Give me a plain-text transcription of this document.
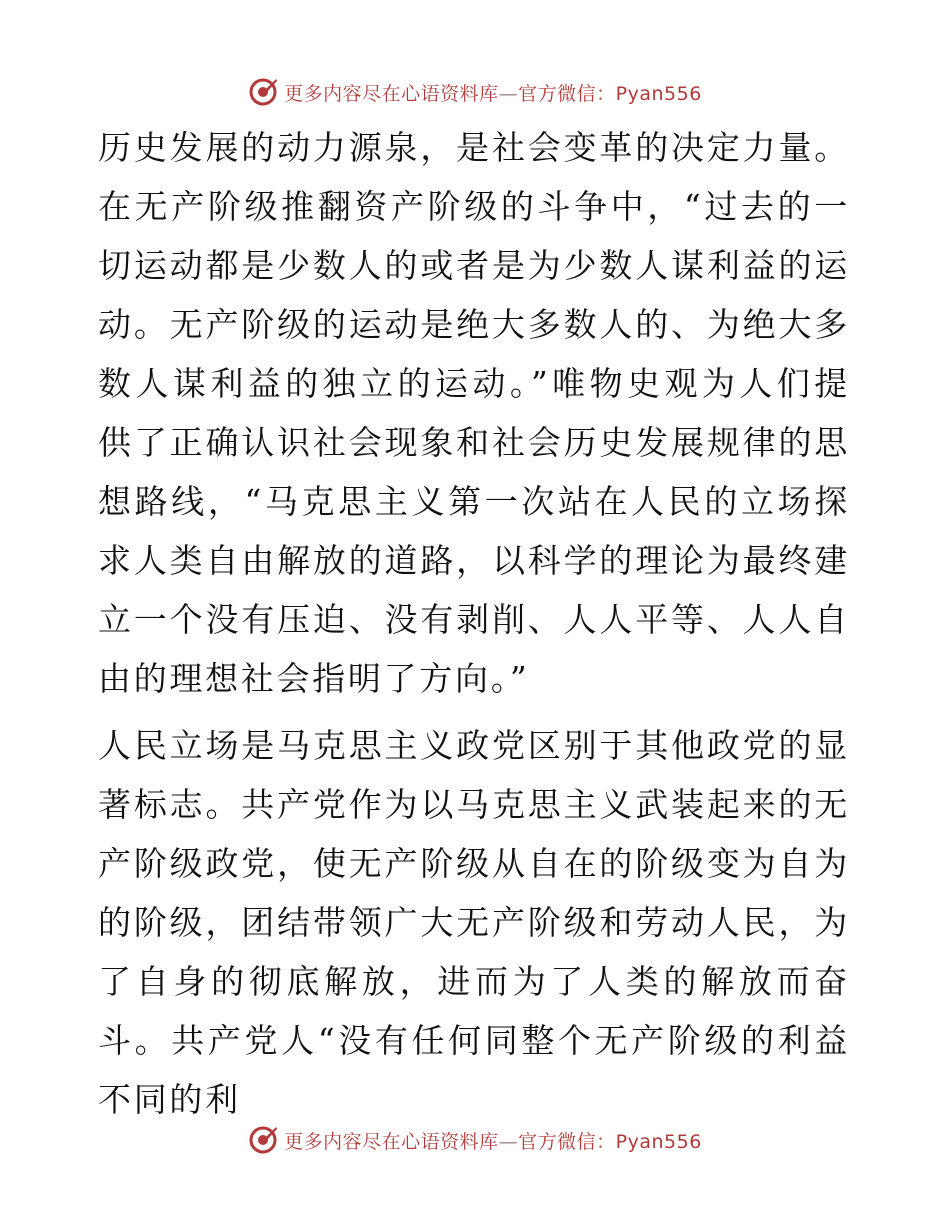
更多内容尽在心语资料库—官方微信：Pyan556

历史发展的动力源泉，是社会变革的决定力量。在无产阶级推翻资产阶级的斗争中，“过去的一切运动都是少数人的或者是为少数人谋利益的运动。无产阶级的运动是绝大多数人的、为绝大多数人谋利益的独立的运动。”唯物史观为人们提供了正确认识社会现象和社会历史发展规律的思想路线，“马克思主义第一次站在人民的立场探求人类自由解放的道路，以科学的理论为最终建立一个没有压迫、没有剥削、人人平等、人人自由的理想社会指明了方向。”

人民立场是马克思主义政党区别于其他政党的显著标志。共产党作为以马克思主义武装起来的无产阶级政党，使无产阶级从自在的阶级变为自为的阶级，团结带领广大无产阶级和劳动人民，为了自身的彻底解放，进而为了人类的解放而奋斗。共产党人“没有任何同整个无产阶级的利益不同的利

更多内容尽在心语资料库—官方微信：Pyan556
